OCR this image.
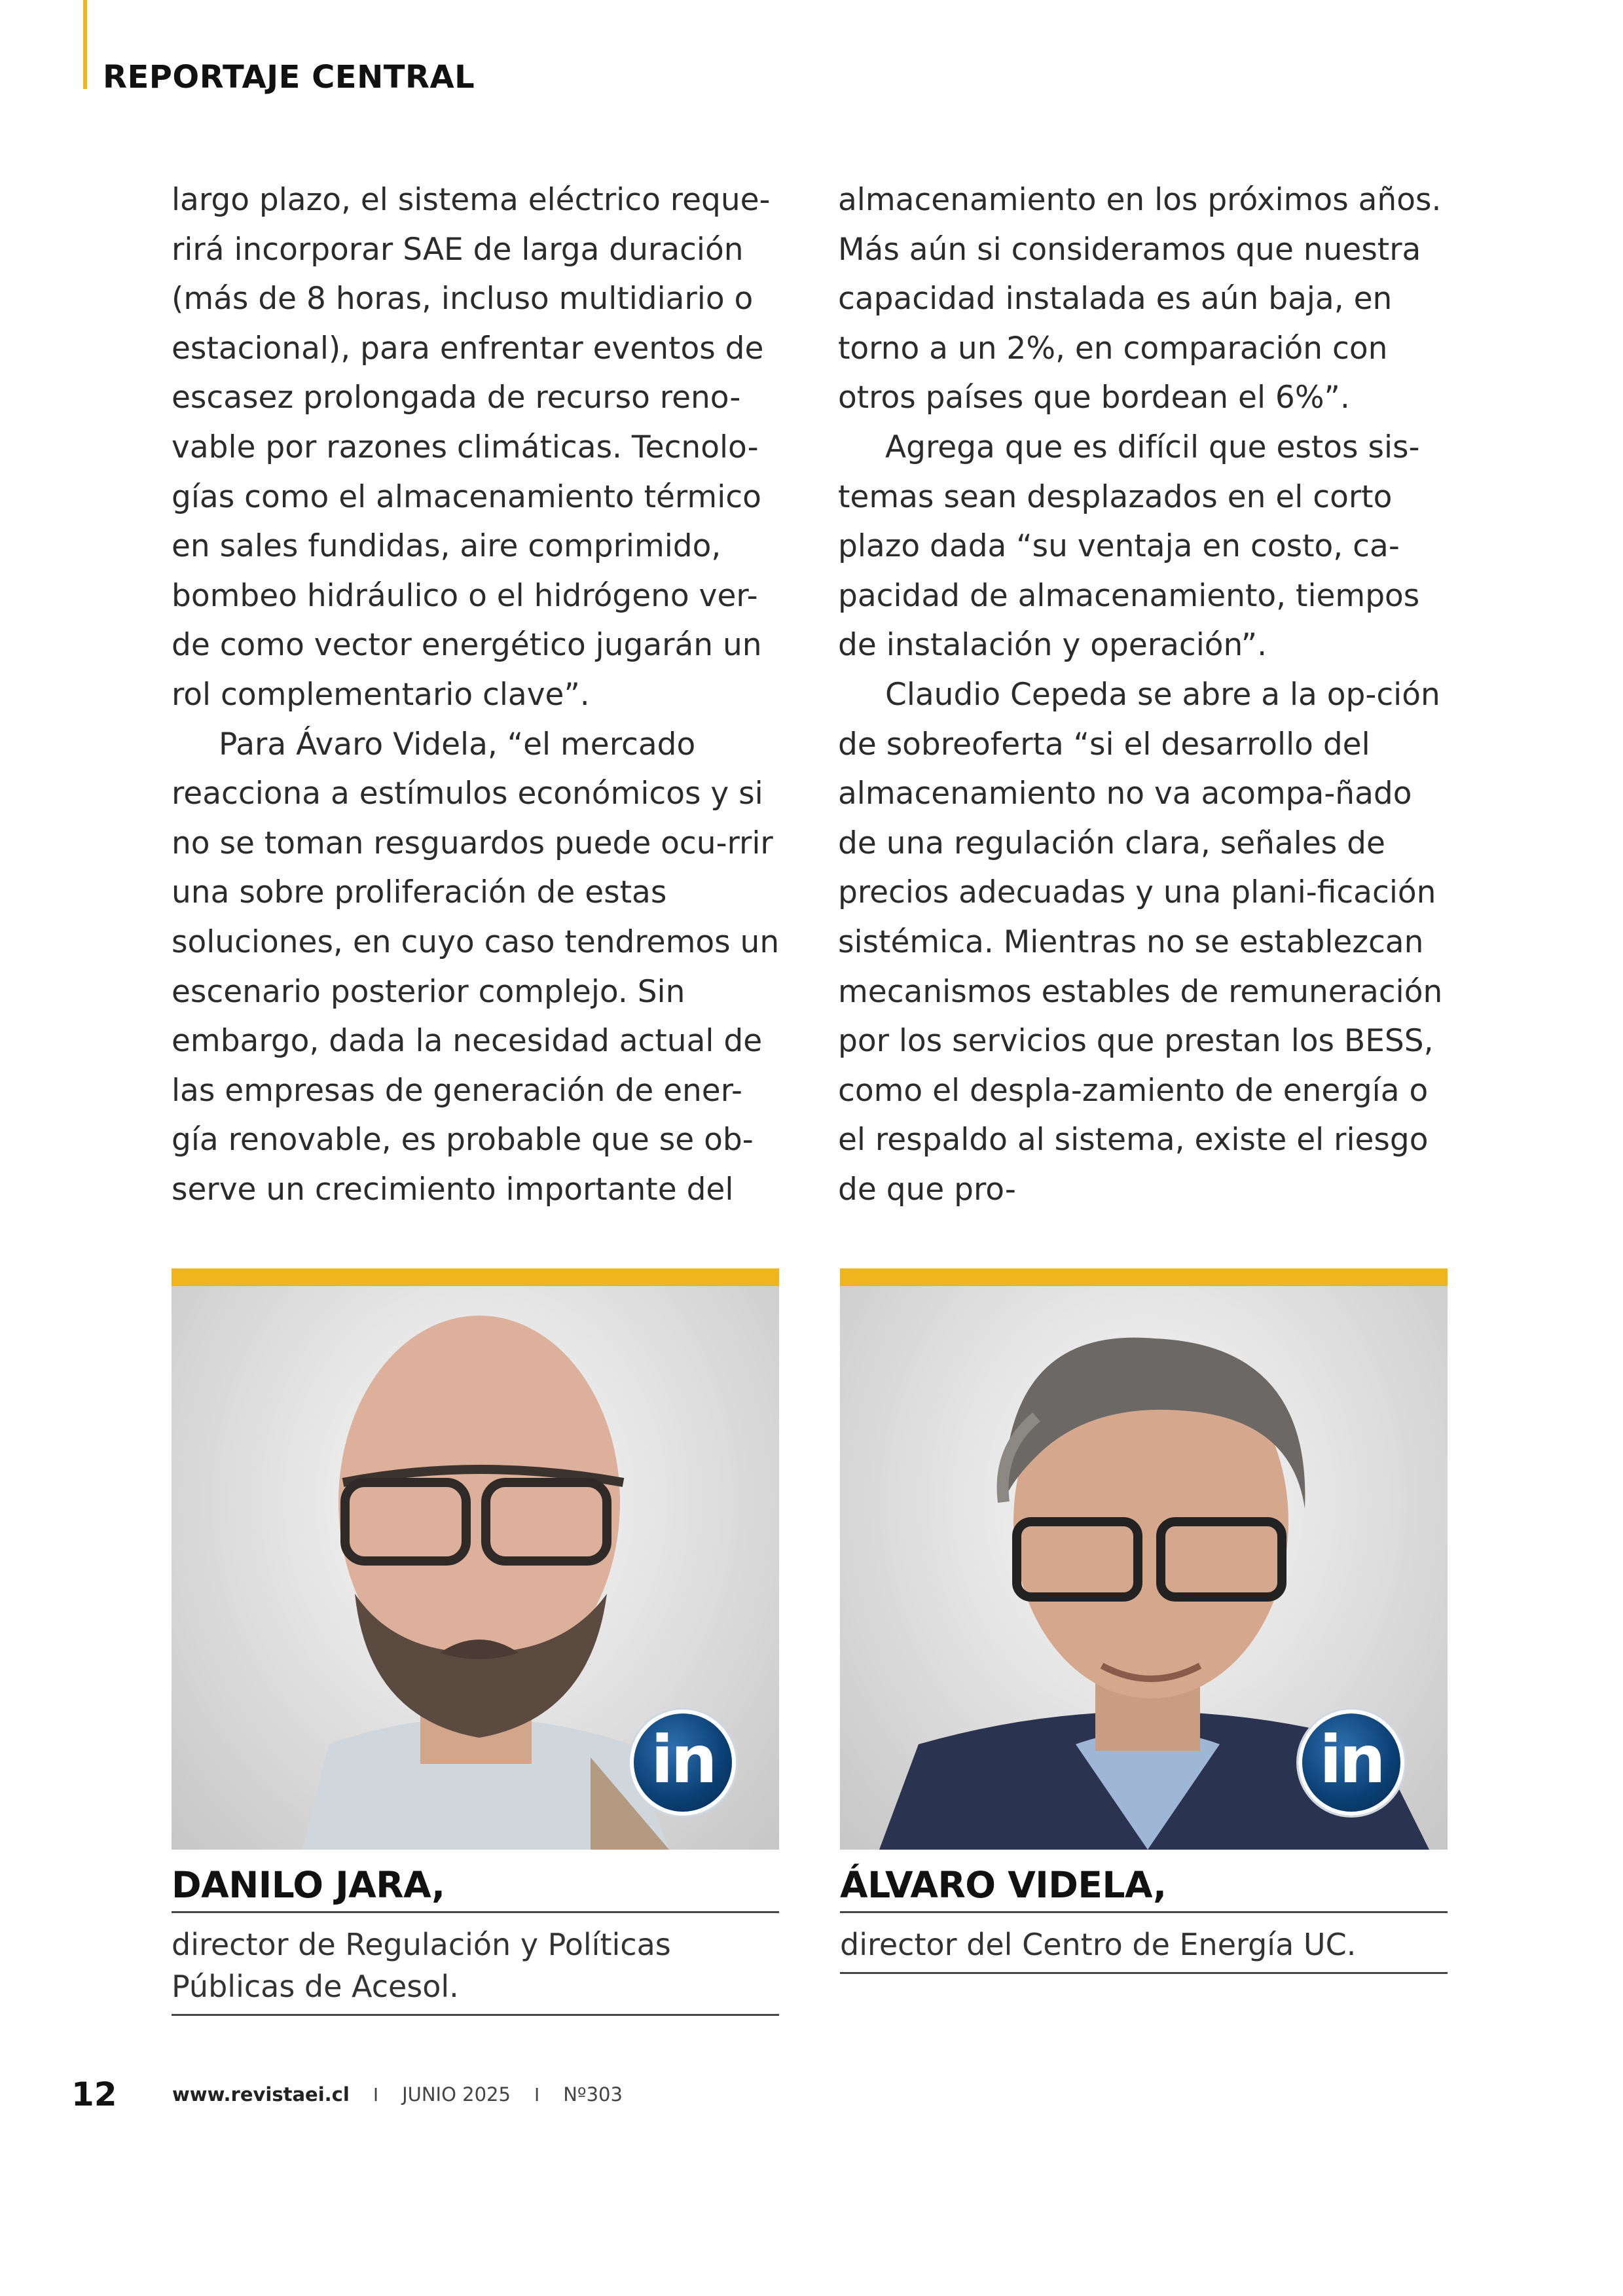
REPORTAJE CENTRAL

largo plazo, el sistema eléctrico reque-rirá incorporar SAE de larga duración (más de 8 horas, incluso multidiario o estacional), para enfrentar eventos de escasez prolongada de recurso reno-vable por razones climáticas. Tecnolo-gías como el almacenamiento térmico en sales fundidas, aire comprimido, bombeo hidráulico o el hidrógeno ver-de como vector energético jugarán un rol complementario clave”.

Para Ávaro Videla, “el mercado reacciona a estímulos económicos y si no se toman resguardos puede ocu-rrir una sobre proliferación de estas soluciones, en cuyo caso tendremos un escenario posterior complejo. Sin embargo, dada la necesidad actual de las empresas de generación de ener-gía renovable, es probable que se ob-serve un crecimiento importante del

almacenamiento en los próximos años. Más aún si consideramos que nuestra capacidad instalada es aún baja, en torno a un 2%, en comparación con otros países que bordean el 6%”.

Agrega que es difícil que estos sis-temas sean desplazados en el corto plazo dada “su ventaja en costo, ca-pacidad de almacenamiento, tiempos de instalación y operación”.

Claudio Cepeda se abre a la op-ción de sobreoferta “si el desarrollo del almacenamiento no va acompa-ñado de una regulación clara, señales de precios adecuadas y una plani-ficación sistémica. Mientras no se establezcan mecanismos estables de remuneración por los servicios que prestan los BESS, como el despla-zamiento de energía o el respaldo al sistema, existe el riesgo de que pro-

in
DANILO JARA,

director de Regulación y Políticas Públicas de Acesol.

in
ÁLVARO VIDELA,

director del Centro de Energía UC.

12	www.revistaei.cl I JUNIO 2025 I Nº303
